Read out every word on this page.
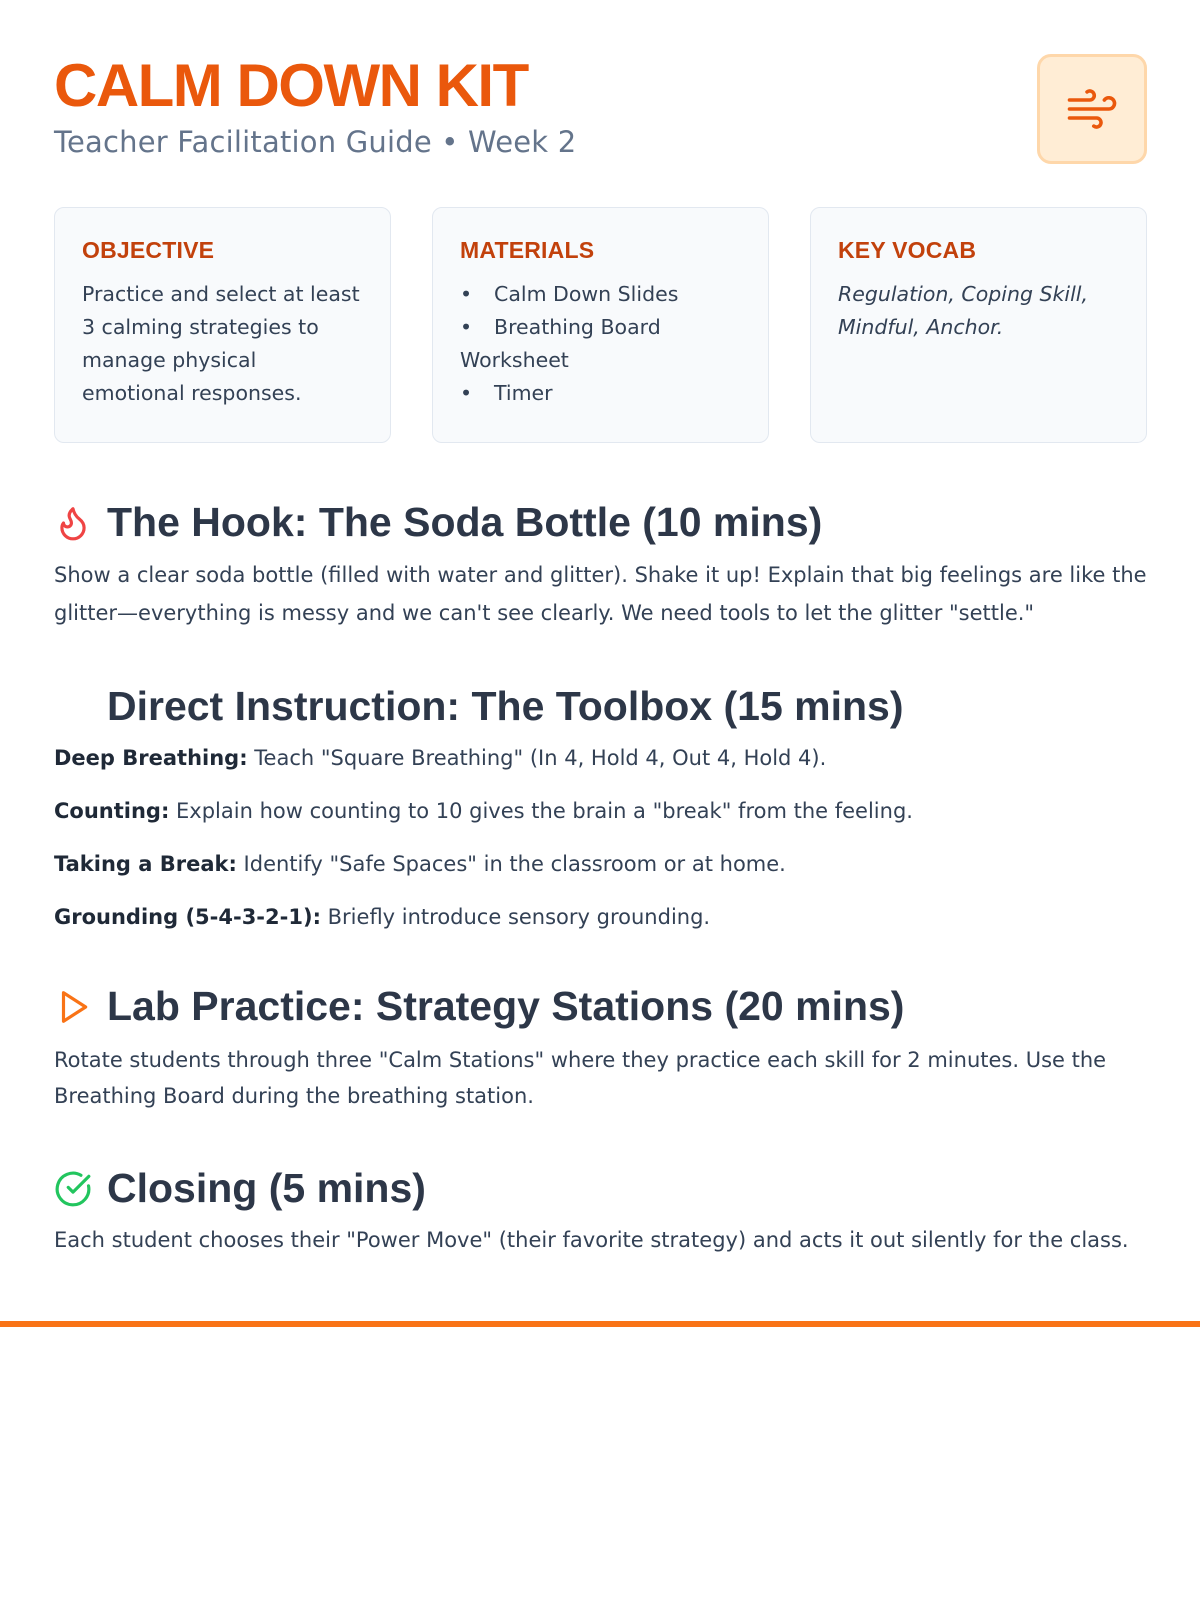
CALM DOWN KIT
Teacher Facilitation Guide • Week 2
OBJECTIVE

Practice and select at least 3 calming strategies to manage physical emotional responses.

MATERIALS
• Calm Down Slides
• Breathing Board Worksheet
• Timer
KEY VOCAB

Regulation, Coping Skill, Mindful, Anchor.

The Hook: The Soda Bottle (10 mins)

Show a clear soda bottle (filled with water and glitter). Shake it up! Explain that big feelings are like the glitter—everything is messy and we can't see clearly. We need tools to let the glitter "settle."

Direct Instruction: The Toolbox (15 mins)

Deep Breathing: Teach "Square Breathing" (In 4, Hold 4, Out 4, Hold 4).

Counting: Explain how counting to 10 gives the brain a "break" from the feeling.

Taking a Break: Identify "Safe Spaces" in the classroom or at home.

Grounding (5-4-3-2-1): Briefly introduce sensory grounding.

Lab Practice: Strategy Stations (20 mins)

Rotate students through three "Calm Stations" where they practice each skill for 2 minutes. Use the Breathing Board during the breathing station.

Closing (5 mins)

Each student chooses their "Power Move" (their favorite strategy) and acts it out silently for the class.
